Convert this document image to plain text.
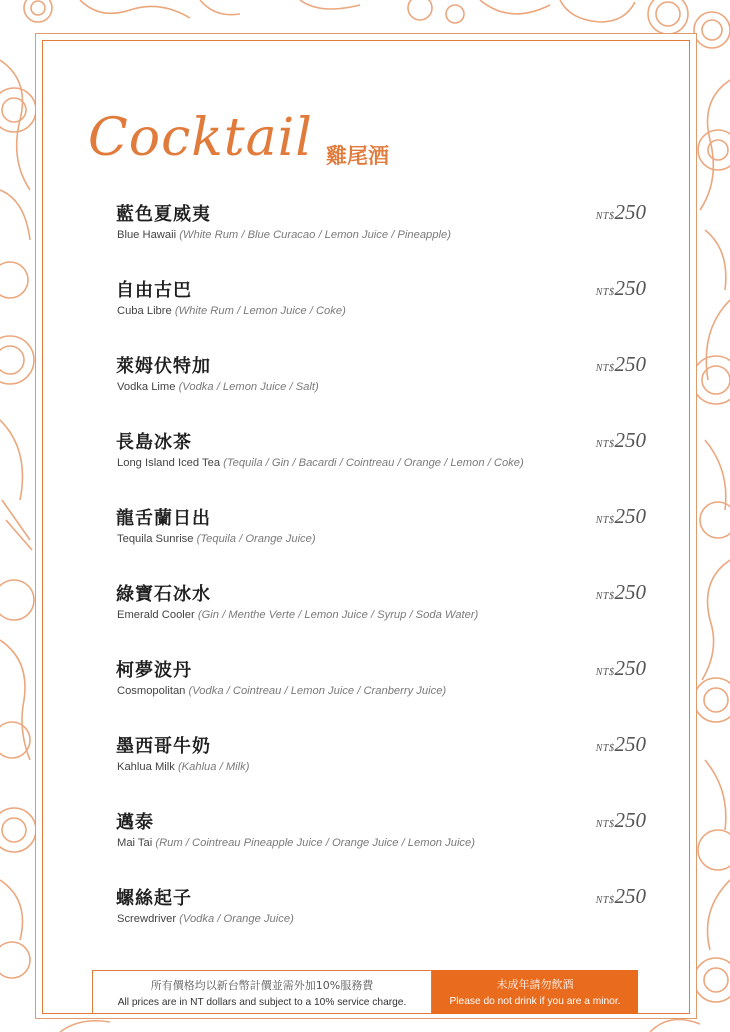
Cocktail 雞尾酒
藍色夏威夷
Blue Hawaii (White Rum / Blue Curacao / Lemon Juice / Pineapple)
NT$250
自由古巴
Cuba Libre (White Rum / Lemon Juice / Coke)
NT$250
萊姆伏特加
Vodka Lime (Vodka / Lemon Juice / Salt)
NT$250
長島冰茶
Long Island Iced Tea (Tequila / Gin / Bacardi / Cointreau / Orange / Lemon / Coke)
NT$250
龍舌蘭日出
Tequila Sunrise (Tequila / Orange Juice)
NT$250
綠寶石冰水
Emerald Cooler (Gin / Menthe Verte / Lemon Juice / Syrup / Soda Water)
NT$250
柯夢波丹
Cosmopolitan (Vodka / Cointreau / Lemon Juice / Cranberry Juice)
NT$250
墨西哥牛奶
Kahlua Milk (Kahlua / Milk)
NT$250
邁泰
Mai Tai (Rum / Cointreau Pineapple Juice / Orange Juice / Lemon Juice)
NT$250
螺絲起子
Screwdriver (Vodka / Orange Juice)
NT$250
所有價格均以新台幣計價並需外加10%服務費
All prices are in NT dollars and subject to a 10% service charge.
未成年請勿飲酒
Please do not drink if you are a minor.
